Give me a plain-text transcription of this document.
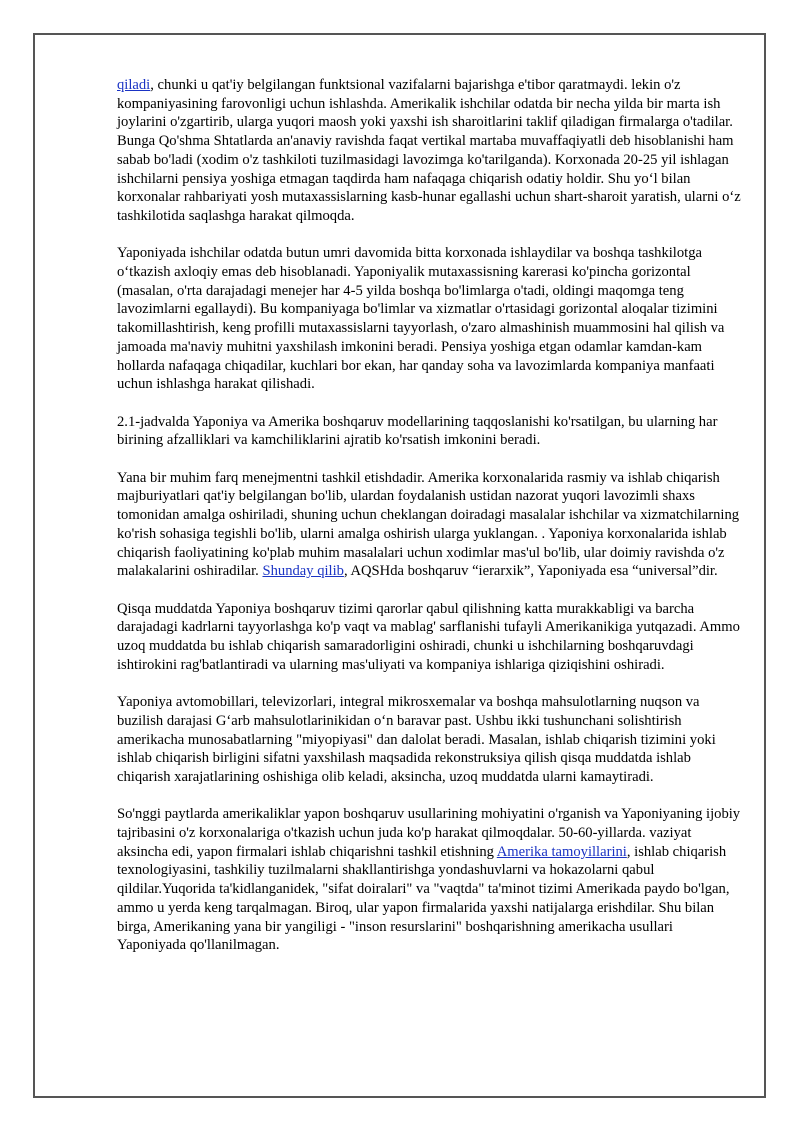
qiladi, chunki u qat'iy belgilangan funktsional vazifalarni bajarishga e'tibor qaratmaydi. lekin o'z kompaniyasining farovonligi uchun ishlashda. Amerikalik ishchilar odatda bir necha yilda bir marta ish joylarini o'zgartirib, ularga yuqori maosh yoki yaxshi ish sharoitlarini taklif qiladigan firmalarga o'tadilar. Bunga Qo'shma Shtatlarda an'anaviy ravishda faqat vertikal martaba muvaffaqiyatli deb hisoblanishi ham sabab bo'ladi (xodim o'z tashkiloti tuzilmasidagi lavozimga ko'tarilganda). Korxonada 20-25 yil ishlagan ishchilarni pensiya yoshiga etmagan taqdirda ham nafaqaga chiqarish odatiy holdir. Shu yo‘l bilan korxonalar rahbariyati yosh mutaxassislarning kasb-hunar egallashi uchun shart-sharoit yaratish, ularni o‘z tashkilotida saqlashga harakat qilmoqda.

Yaponiyada ishchilar odatda butun umri davomida bitta korxonada ishlaydilar va boshqa tashkilotga o‘tkazish axloqiy emas deb hisoblanadi. Yaponiyalik mutaxassisning karerasi ko'pincha gorizontal (masalan, o'rta darajadagi menejer har 4-5 yilda boshqa bo'limlarga o'tadi, oldingi maqomga teng lavozimlarni egallaydi). Bu kompaniyaga bo'limlar va xizmatlar o'rtasidagi gorizontal aloqalar tizimini takomillashtirish, keng profilli mutaxassislarni tayyorlash, o'zaro almashinish muammosini hal qilish va jamoada ma'naviy muhitni yaxshilash imkonini beradi. Pensiya yoshiga etgan odamlar kamdan-kam hollarda nafaqaga chiqadilar, kuchlari bor ekan, har qanday soha va lavozimlarda kompaniya manfaati uchun ishlashga harakat qilishadi.

2.1-jadvalda Yaponiya va Amerika boshqaruv modellarining taqqoslanishi ko'rsatilgan, bu ularning har birining afzalliklari va kamchiliklarini ajratib ko'rsatish imkonini beradi.

Yana bir muhim farq menejmentni tashkil etishdadir. Amerika korxonalarida rasmiy va ishlab chiqarish majburiyatlari qat'iy belgilangan bo'lib, ulardan foydalanish ustidan nazorat yuqori lavozimli shaxs tomonidan amalga oshiriladi, shuning uchun cheklangan doiradagi masalalar ishchilar va xizmatchilarning ko'rish sohasiga tegishli bo'lib, ularni amalga oshirish ularga yuklangan. . Yaponiya korxonalarida ishlab chiqarish faoliyatining ko'plab muhim masalalari uchun xodimlar mas'ul bo'lib, ular doimiy ravishda o'z malakalarini oshiradilar. Shunday qilib, AQSHda boshqaruv “ierarxik”, Yaponiyada esa “universal”dir.

Qisqa muddatda Yaponiya boshqaruv tizimi qarorlar qabul qilishning katta murakkabligi va barcha darajadagi kadrlarni tayyorlashga ko'p vaqt va mablag' sarflanishi tufayli Amerikanikiga yutqazadi. Ammo uzoq muddatda bu ishlab chiqarish samaradorligini oshiradi, chunki u ishchilarning boshqaruvdagi ishtirokini rag'batlantiradi va ularning mas'uliyati va kompaniya ishlariga qiziqishini oshiradi.

Yaponiya avtomobillari, televizorlari, integral mikrosxemalar va boshqa mahsulotlarning nuqson va buzilish darajasi G‘arb mahsulotlarinikidan o‘n baravar past. Ushbu ikki tushunchani solishtirish amerikacha munosabatlarning "miyopiyasi" dan dalolat beradi. Masalan, ishlab chiqarish tizimini yoki ishlab chiqarish birligini sifatni yaxshilash maqsadida rekonstruksiya qilish qisqa muddatda ishlab chiqarish xarajatlarining oshishiga olib keladi, aksincha, uzoq muddatda ularni kamaytiradi.

So'nggi paytlarda amerikaliklar yapon boshqaruv usullarining mohiyatini o'rganish va Yaponiyaning ijobiy tajribasini o'z korxonalariga o'tkazish uchun juda ko'p harakat qilmoqdalar. 50-60-yillarda. vaziyat aksincha edi, yapon firmalari ishlab chiqarishni tashkil etishning Amerika tamoyillarini, ishlab chiqarish texnologiyasini, tashkiliy tuzilmalarni shakllantirishga yondashuvlarni va hokazolarni qabul qildilar.Yuqorida ta'kidlanganidek, "sifat doiralari" va "vaqtda" ta'minot tizimi Amerikada paydo bo'lgan, ammo u yerda keng tarqalmagan. Biroq, ular yapon firmalarida yaxshi natijalarga erishdilar. Shu bilan birga, Amerikaning yana bir yangiligi - "inson resurslarini" boshqarishning amerikacha usullari Yaponiyada qo'llanilmagan.
